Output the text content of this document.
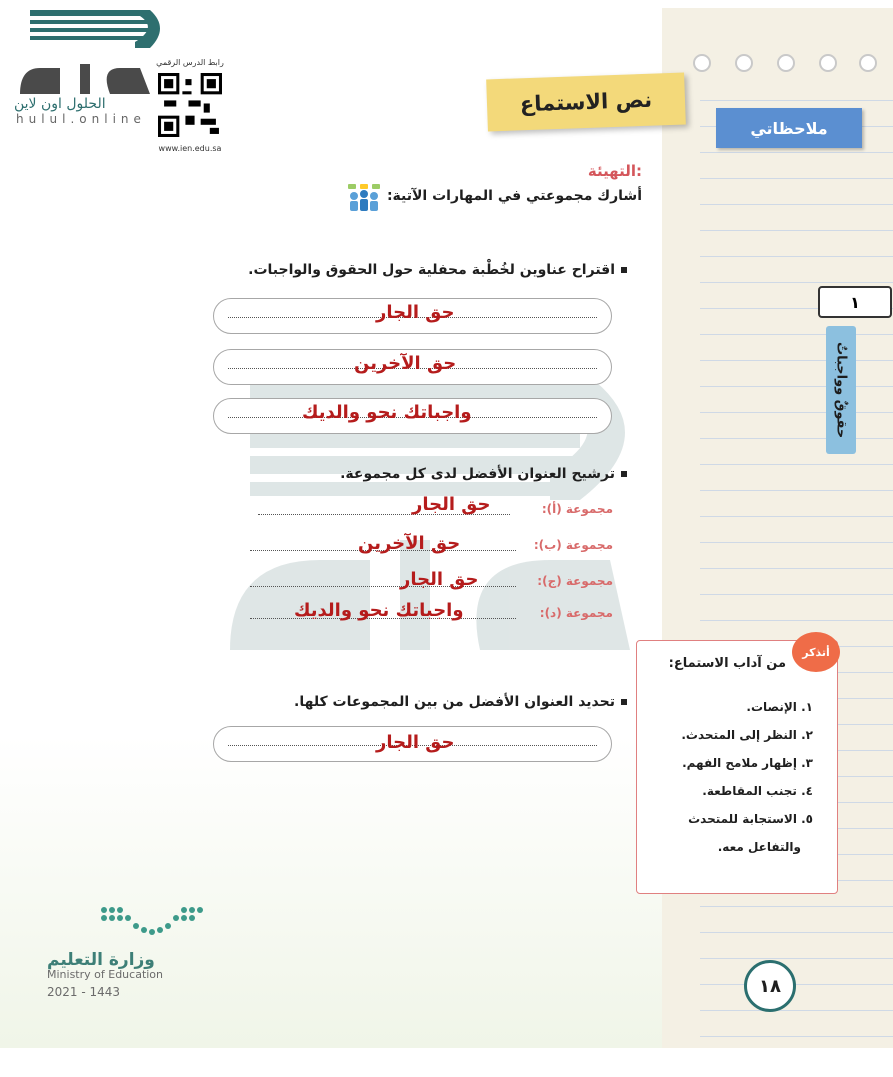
ملاحظاتي
١
حقوقٌ وواجباتٌ
الحلول اون لاين
hulul.online
رابط الدرس الرقمي
www.ien.edu.sa
نص الاستماع
التهيئة:
أشارك مجموعتي في المهارات الآتية:
اقتراح عناوين لخُطْبة محفلية حول الحقوق والواجبات.
حق الجار
حق الآخرين
واجباتك نحو والديك
ترشيح العنوان الأفضل لدى كل مجموعة.
مجموعة (أ):
حق الجار
مجموعة (ب):
حق الآخرين
مجموعة (ج):
حق الجار
مجموعة (د):
واجباتك نحو والديك
تحديد العنوان الأفضل من بين المجموعات كلها.
حق الجار
أتذكر
من آداب الاستماع:
١. الإنصات.
٢. النظر إلى المتحدث.
٣. إظهار ملامح الفهم.
٤. تجنب المقاطعة.
٥. الاستجابة للمتحدث
والتفاعل معه.
١٨
وزارة التعليم
Ministry of Education
2021 - 1443
